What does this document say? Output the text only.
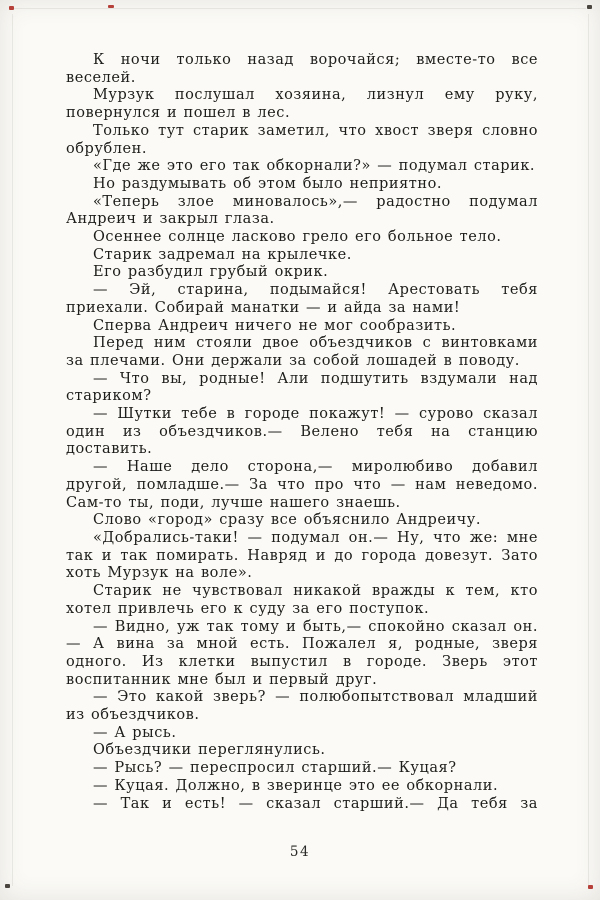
К ночи только назад ворочайся; вместе-то все веселей.

Мурзук послушал хозяина, лизнул ему руку, повернулся и пошел в лес.

Только тут старик заметил, что хвост зверя словно обрублен.

«Где же это его так обкорнали?» — подумал старик.

Но раздумывать об этом было неприятно.

«Теперь злое миновалось»,— радостно подумал Андреич и закрыл глаза.

Осеннее солнце ласково грело его больное тело.

Старик задремал на крылечке.

Его разбудил грубый окрик.

— Эй, старина, подымайся! Арестовать тебя приехали. Собирай манатки — и айда за нами!

Сперва Андреич ничего не мог сообразить.

Перед ним стояли двое объездчиков с винтовками за плечами. Они держали за собой лошадей в поводу.

— Что вы, родные! Али подшутить вздумали над стариком?

— Шутки тебе в городе покажут! — сурово сказал один из объездчиков.— Велено тебя на станцию доставить.

— Наше дело сторона,— миролюбиво добавил другой, помладше.— За что про что — нам неведомо. Сам-то ты, поди, лучше нашего знаешь.

Слово «город» сразу все объяснило Андреичу.

«Добрались-таки! — подумал он.— Ну, что же: мне так и так помирать. Навряд и до города довезут. Зато хоть Мурзук на воле».

Старик не чувствовал никакой вражды к тем, кто хотел привлечь его к суду за его поступок.

— Видно, уж так тому и быть,— спокойно сказал он.— А вина за мной есть. Пожалел я, родные, зверя одного. Из клетки выпустил в городе. Зверь этот воспитанник мне был и первый друг.

— Это какой зверь? — полюбопытствовал младший из объездчиков.

— А рысь.

Объездчики переглянулись.

— Рысь? — переспросил старший.— Куцая?

— Куцая. Должно, в зверинце это ее обкорнали.

— Так и есть! — сказал старший.— Да тебя за

54
